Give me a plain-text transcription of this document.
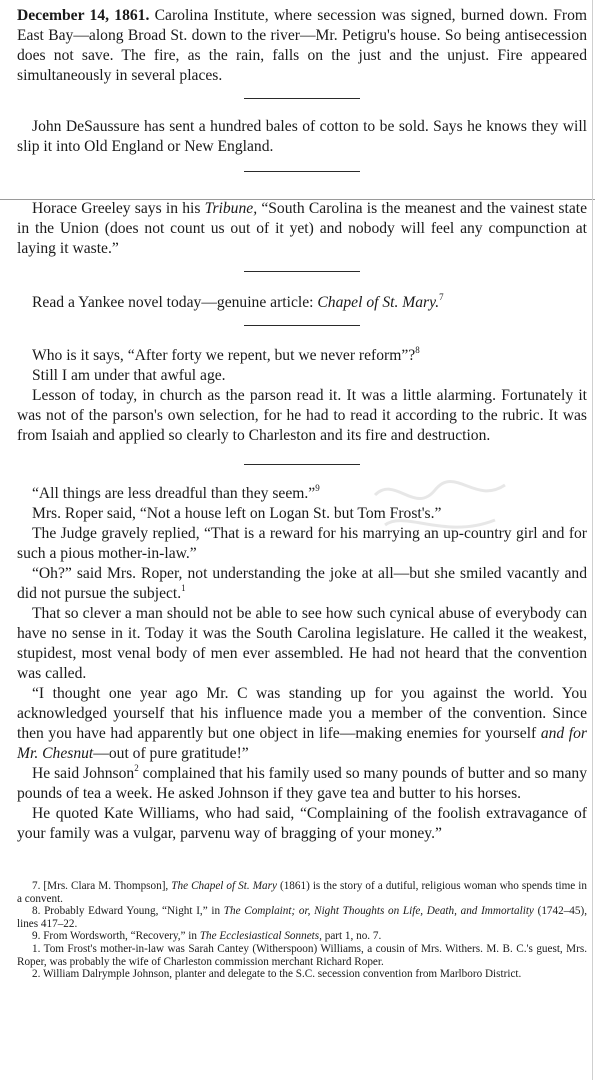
December 14, 1861. Carolina Institute, where secession was signed, burned down. From East Bay—along Broad St. down to the river—Mr. Petigru's house. So being antisecession does not save. The fire, as the rain, falls on the just and the unjust. Fire appeared simultaneously in several places.

John DeSaussure has sent a hundred bales of cotton to be sold. Says he knows they will slip it into Old England or New England.

Horace Greeley says in his Tribune, “South Carolina is the meanest and the vainest state in the Union (does not count us out of it yet) and nobody will feel any compunction at laying it waste.”

Read a Yankee novel today—genuine article: Chapel of St. Mary.$^7$

Who is it says, “After forty we repent, but we never reform”?$^8$

Still I am under that awful age.

Lesson of today, in church as the parson read it. It was a little alarming. Fortunately it was not of the parson's own selection, for he had to read it according to the rubric. It was from Isaiah and applied so clearly to Charleston and its fire and destruction.

“All things are less dreadful than they seem.”$^9$

Mrs. Roper said, “Not a house left on Logan St. but Tom Frost's.”

The Judge gravely replied, “That is a reward for his marrying an up-country girl and for such a pious mother-in-law.”

“Oh?” said Mrs. Roper, not understanding the joke at all—but she smiled vacantly and did not pursue the subject.$^1$

That so clever a man should not be able to see how such cynical abuse of everybody can have no sense in it. Today it was the South Carolina legislature. He called it the weakest, stupidest, most venal body of men ever assembled. He had not heard that the convention was called.

“I thought one year ago Mr. C was standing up for you against the world. You acknowledged yourself that his influence made you a member of the convention. Since then you have had apparently but one object in life—making enemies for yourself and for Mr. Chesnut—out of pure gratitude!”

He said Johnson$^2$ complained that his family used so many pounds of butter and so many pounds of tea a week. He asked Johnson if they gave tea and butter to his horses.

He quoted Kate Williams, who had said, “Complaining of the foolish extravagance of your family was a vulgar, parvenu way of bragging of your money.”

7. [Mrs. Clara M. Thompson], The Chapel of St. Mary (1861) is the story of a dutiful, religious woman who spends time in a convent.

8. Probably Edward Young, “Night I,” in The Complaint; or, Night Thoughts on Life, Death, and Immortality (1742–45), lines 417–22.

9. From Wordsworth, “Recovery,” in The Ecclesiastical Sonnets, part 1, no. 7.

1. Tom Frost's mother-in-law was Sarah Cantey (Witherspoon) Williams, a cousin of Mrs. Withers. M. B. C.'s guest, Mrs. Roper, was probably the wife of Charleston commission merchant Richard Roper.

2. William Dalrymple Johnson, planter and delegate to the S.C. secession convention from Marlboro District.
